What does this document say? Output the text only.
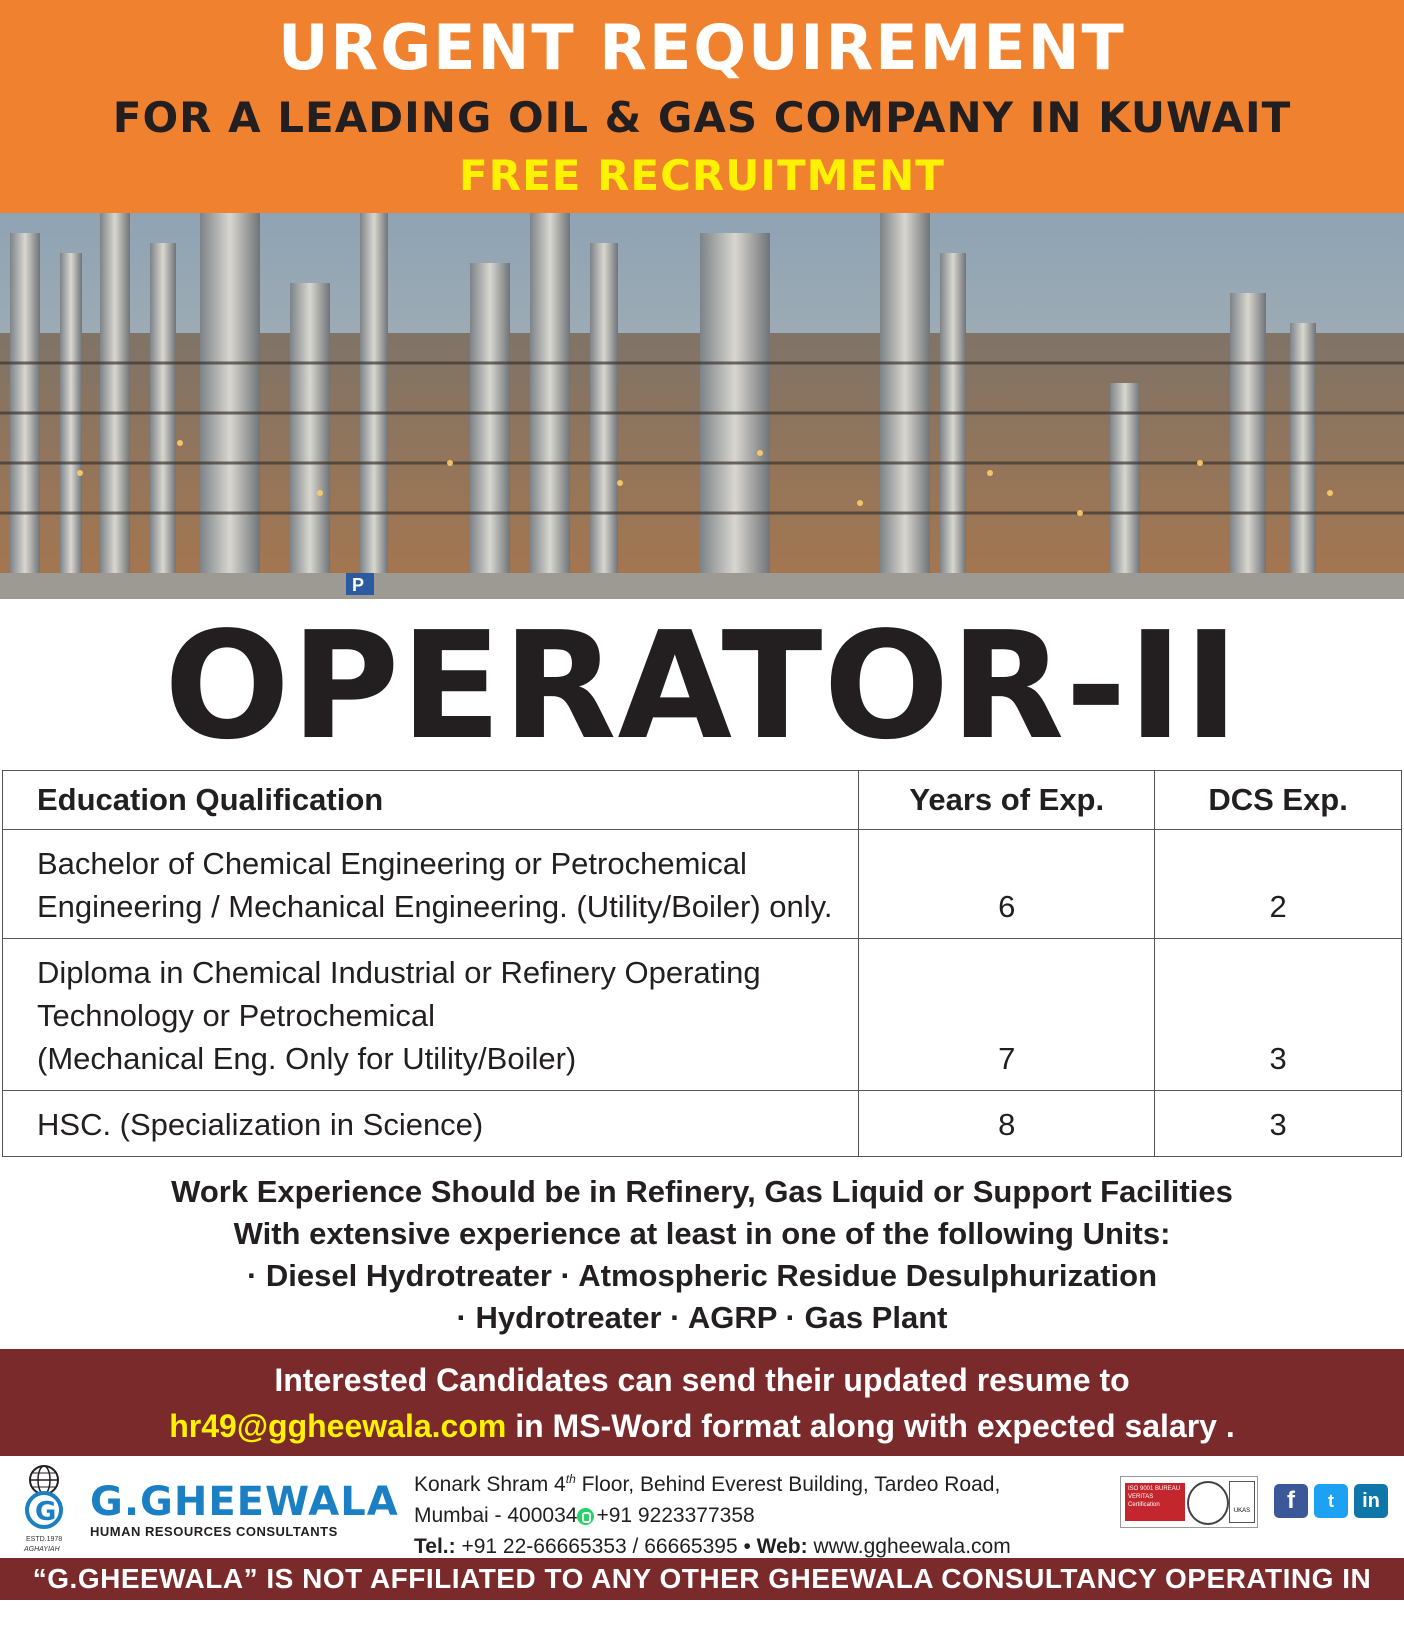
URGENT REQUIREMENT
FOR A LEADING OIL & GAS COMPANY IN KUWAIT
FREE RECRUITMENT
P
OPERATOR-II
Education Qualification	Years of Exp.	DCS Exp.

Bachelor of Chemical Engineering or Petrochemical
Engineering / Mechanical Engineering. (Utility/Boiler) only.	6	2

Diploma in Chemical Industrial or Refinery Operating
Technology or Petrochemical
(Mechanical Eng. Only for Utility/Boiler)	7	3

HSC. (Specialization in Science)	8	3
Work Experience Should be in Refinery, Gas Liquid or Support Facilities
With extensive experience at least in one of the following Units:
· Diesel Hydrotreater · Atmospheric Residue Desulphurization
· Hydrotreater · AGRP · Gas Plant
Interested Candidates can send their updated resume to
hr49@ggheewala.com in MS-Word format along with expected salary .
G G.GHEEWALA
HUMAN RESOURCES CONSULTANTS
ESTD.1978
AGHAYIAH
Konark Shram 4th Floor, Behind Everest Building, Tardeo Road,
Mumbai - 400034 +91 9223377358
Tel.: +91 22-66665353 / 66665395 • Web: www.ggheewala.com
ISO 9001 BUREAU VERITAS Certification
UKAS	f	t	in
“G.GHEEWALA” IS NOT AFFILIATED TO ANY OTHER GHEEWALA CONSULTANCY OPERATING IN INDIA
